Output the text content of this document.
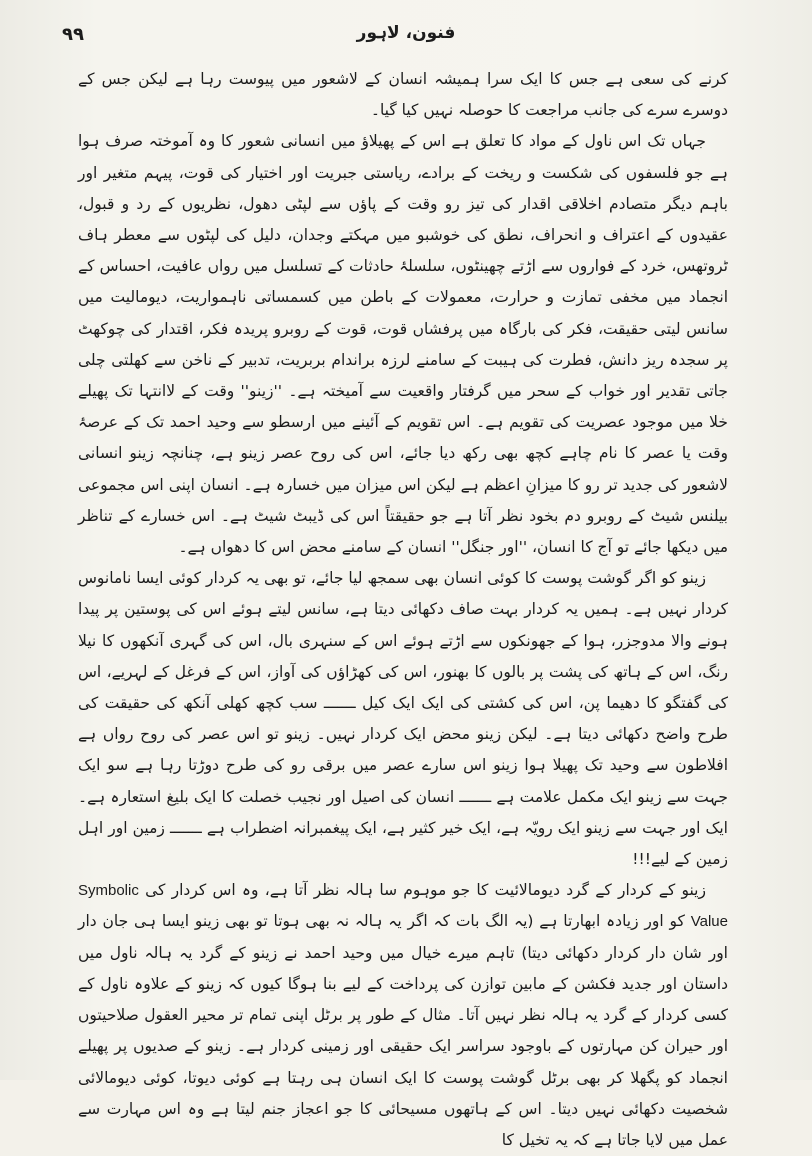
۹۹	فنون، لاہور

کرنے کی سعی ہے جس کا ایک سرا ہمیشہ انسان کے لاشعور میں پیوست رہا ہے لیکن جس کے دوسرے سرے کی جانب مراجعت کا حوصلہ نہیں کیا گیا۔

جہاں تک اس ناول کے مواد کا تعلق ہے اس کے پھیلاؤ میں انسانی شعور کا وہ آموختہ صرف ہوا ہے جو فلسفوں کی شکست و ریخت کے برادے، ریاستی جبریت اور اختیار کی قوت، پیہم متغیر اور باہم دیگر متصادم اخلاقی اقدار کی تیز رو وقت کے پاؤں سے لپٹی دھول، نظریوں کے رد و قبول، عقیدوں کے اعتراف و انحراف، نطق کی خوشبو میں مہکتے وجدان، دلیل کی لپٹوں سے معطر ہاف ٹروتھس، خرد کے فواروں سے اڑتے چھینٹوں، سلسلۂ حادثات کے تسلسل میں رواں عافیت، احساس کے انجماد میں مخفی تمازت و حرارت، معمولات کے باطن میں کسمساتی ناہمواریت، دیومالیت میں سانس لیتی حقیقت، فکر کی بارگاہ میں پرفشاں قوت، قوت کے روبرو پریدہ فکر، اقتدار کی چوکھٹ پر سجدہ ریز دانش، فطرت کی ہیبت کے سامنے لرزہ براندام بربریت، تدبیر کے ناخن سے کھلتی چلی جاتی تقدیر اور خواب کے سحر میں گرفتار واقعیت سے آمیختہ ہے۔ ''زینو'' وقت کے لاانتہا تک پھیلے خلا میں موجود عصریت کی تقویم ہے۔ اس تقویم کے آئینے میں ارسطو سے وحید احمد تک کے عرصۂ وقت یا عصر کا نام چاہے کچھ بھی رکھ دیا جائے، اس کی روح عصر زینو ہے، چنانچہ زینو انسانی لاشعور کی جدید تر رو کا میزانِ اعظم ہے لیکن اس میزان میں خسارہ ہے۔ انسان اپنی اس مجموعی بیلنس شیٹ کے روبرو دم بخود نظر آتا ہے جو حقیقتاً اس کی ڈیبٹ شیٹ ہے۔ اس خسارے کے تناظر میں دیکھا جائے تو آج کا انسان، ''اور جنگل'' انسان کے سامنے محض اس کا دھواں ہے۔

زینو کو اگر گوشت پوست کا کوئی انسان بھی سمجھ لیا جائے، تو بھی یہ کردار کوئی ایسا نامانوس کردار نہیں ہے۔ ہمیں یہ کردار بہت صاف دکھائی دیتا ہے، سانس لیتے ہوئے اس کی پوستین پر پیدا ہونے والا مدوجزر، ہوا کے جھونکوں سے اڑتے ہوئے اس کے سنہری بال، اس کی گہری آنکھوں کا نیلا رنگ، اس کے ہاتھ کی پشت پر بالوں کا بھنور، اس کی کھڑاؤں کی آواز، اس کے فرغل کے لہریے، اس کی گفتگو کا دھیما پن، اس کی کشتی کی ایک ایک کیل ـــــــ سب کچھ کھلی آنکھ کی حقیقت کی طرح واضح دکھائی دیتا ہے۔ لیکن زینو محض ایک کردار نہیں۔ زینو تو اس عصر کی روح رواں ہے افلاطون سے وحید تک پھیلا ہوا زینو اس سارے عصر میں برقی رو کی طرح دوڑتا رہا ہے سو ایک جہت سے زینو ایک مکمل علامت ہے ـــــــ انسان کی اصیل اور نجیب خصلت کا ایک بلیغ استعارہ ہے۔ ایک اور جہت سے زینو ایک رویّہ ہے، ایک خیر کثیر ہے، ایک پیغمبرانہ اضطراب ہے ـــــــ زمین اور اہل زمین کے لیے!!!

زینو کے کردار کے گرد دیومالائیت کا جو موہوم سا ہالہ نظر آتا ہے، وہ اس کردار کی Symbolic Value کو اور زیادہ ابھارتا ہے (یہ الگ بات کہ اگر یہ ہالہ نہ بھی ہوتا تو بھی زینو ایسا ہی جان دار اور شان دار کردار دکھائی دیتا) تاہم میرے خیال میں وحید احمد نے زینو کے گرد یہ ہالہ ناول میں داستان اور جدید فکشن کے مابین توازن کی پرداخت کے لیے بنا ہوگا کیوں کہ زینو کے علاوہ ناول کے کسی کردار کے گرد یہ ہالہ نظر نہیں آتا۔ مثال کے طور پر برٹل اپنی تمام تر محیر العقول صلاحیتوں اور حیران کن مہارتوں کے باوجود سراسر ایک حقیقی اور زمینی کردار ہے۔ زینو کے صدیوں پر پھیلے انجماد کو پگھلا کر بھی برٹل گوشت پوست کا ایک انسان ہی رہتا ہے کوئی دیوتا، کوئی دیومالائی شخصیت دکھائی نہیں دیتا۔ اس کے ہاتھوں مسیحائی کا جو اعجاز جنم لیتا ہے وہ اس مہارت سے عمل میں لایا جاتا ہے کہ یہ تخیل کا
